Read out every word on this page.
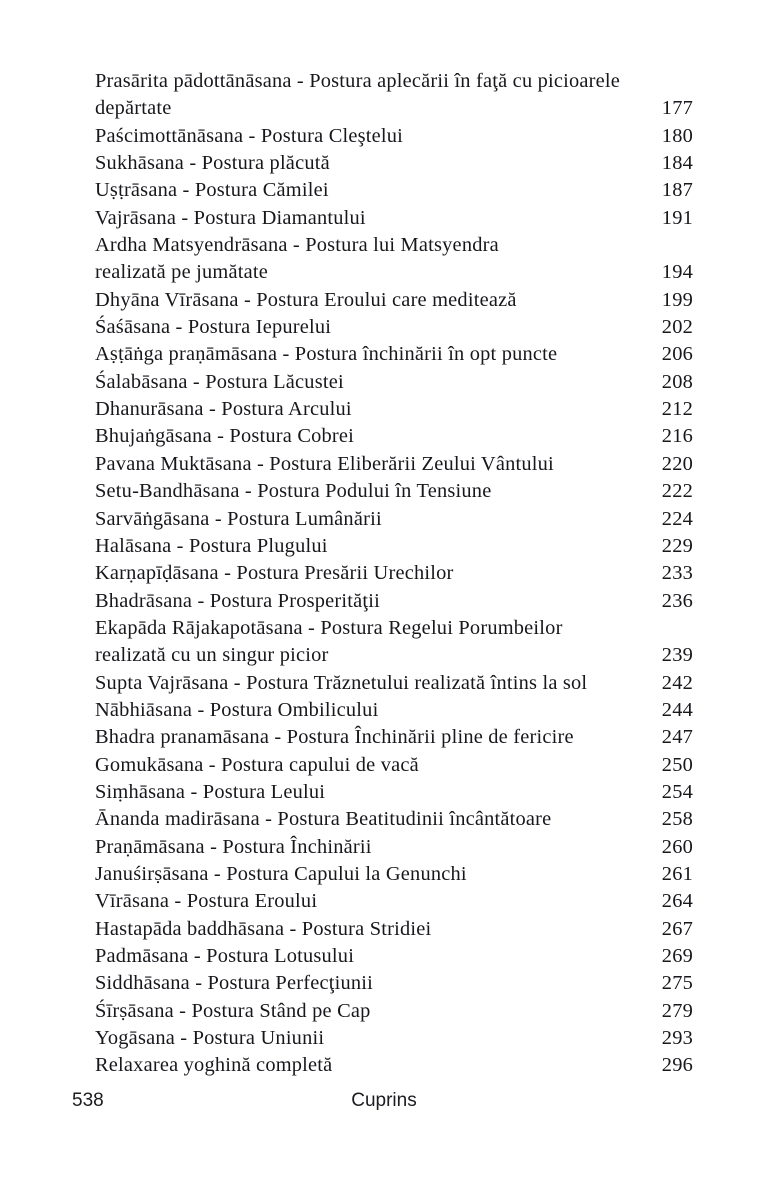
Prasārita pādottānāsana - Postura aplecării în faţă cu picioarele
depărtate	177
Paścimottānāsana - Postura Cleştelui	180
Sukhāsana - Postura plăcută	184
Uṣṭrāsana - Postura Cămilei	187
Vajrāsana - Postura Diamantului	191
Ardha Matsyendrāsana - Postura lui Matsyendra
realizată pe jumătate	194
Dhyāna Vīrāsana - Postura Eroului care meditează	199
Śaśāsana - Postura Iepurelui	202
Aṣṭāṅga praṇāmāsana - Postura închinării în opt puncte	206
Śalabāsana - Postura Lăcustei	208
Dhanurāsana - Postura Arcului	212
Bhujaṅgāsana - Postura Cobrei	216
Pavana Muktāsana - Postura Eliberării Zeului Vântului	220
Setu-Bandhāsana - Postura Podului în Tensiune	222
Sarvāṅgāsana - Postura Lumânării	224
Halāsana - Postura Plugului	229
Karṇapīḍāsana - Postura Presării Urechilor	233
Bhadrāsana - Postura Prosperităţii	236
Ekapāda Rājakapotāsana - Postura Regelui Porumbeilor
realizată cu un singur picior	239
Supta Vajrāsana - Postura Trăznetului realizată întins la sol	242
Nābhiāsana - Postura Ombilicului	244
Bhadra pranamāsana - Postura Închinării pline de fericire	247
Gomukāsana - Postura capului de vacă	250
Siṃhāsana - Postura Leului	254
Ānanda madirāsana - Postura Beatitudinii încântătoare	258
Praṇāmāsana - Postura Închinării	260
Januśirṣāsana - Postura Capului la Genunchi	261
Vīrāsana - Postura Eroului	264
Hastapāda baddhāsana - Postura Stridiei	267
Padmāsana - Postura Lotusului	269
Siddhāsana - Postura Perfecţiunii	275
Śīrṣāsana - Postura Stând pe Cap	279
Yogāsana - Postura Uniunii	293
Relaxarea yoghină completă	296
538	Cuprins
